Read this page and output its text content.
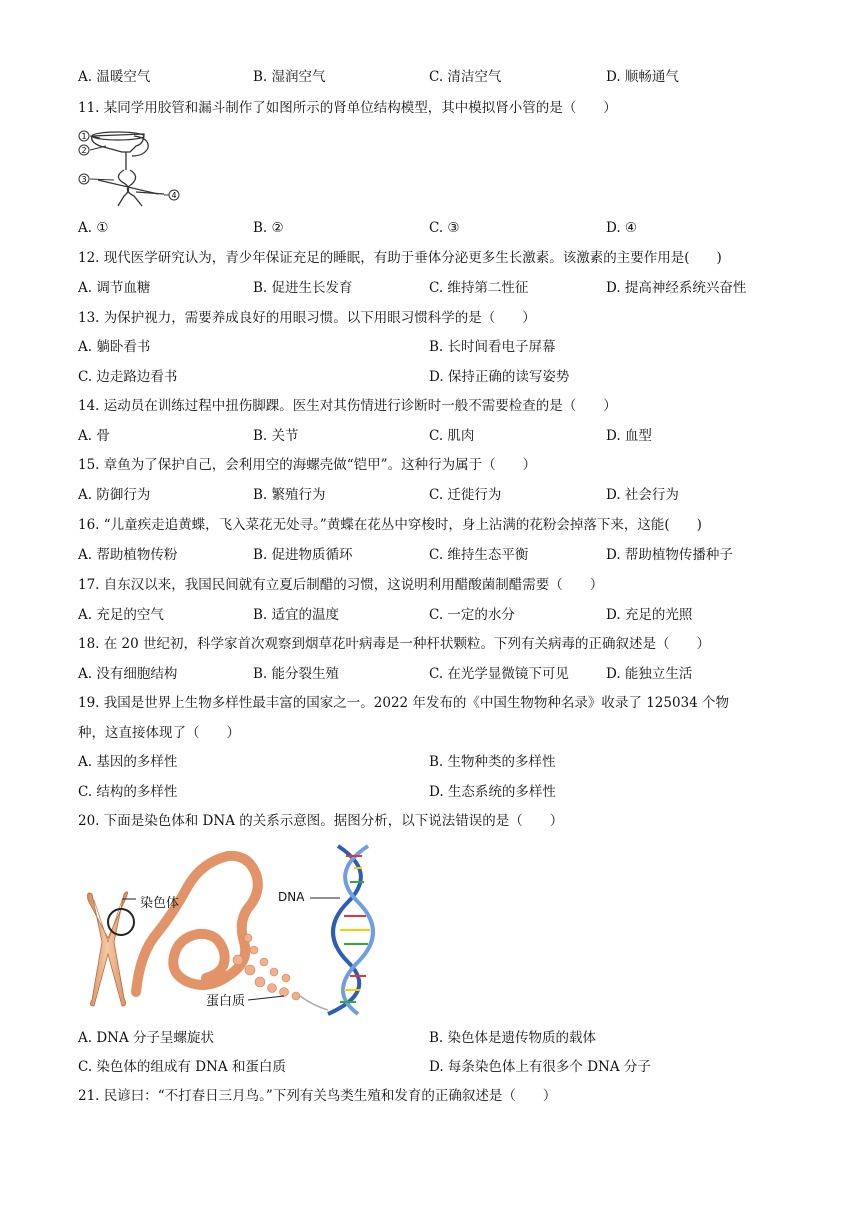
A. 温暖空气	B. 湿润空气	C. 清洁空气	D. 顺畅通气
11. 某同学用胶管和漏斗制作了如图所示的肾单位结构模型，其中模拟肾小管的是（　　）
1
2
3
4
A. ①	B. ②	C. ③	D. ④
12. 现代医学研究认为，青少年保证充足的睡眠，有助于垂体分泌更多生长激素。该激素的主要作用是(　　)
A. 调节血糖	B. 促进生长发育	C. 维持第二性征	D. 提高神经系统兴奋性
13. 为保护视力，需要养成良好的用眼习惯。以下用眼习惯科学的是（　　）
A. 躺卧看书	B. 长时间看电子屏幕
C. 边走路边看书	D. 保持正确的读写姿势
14. 运动员在训练过程中扭伤脚踝。医生对其伤情进行诊断时一般不需要检查的是（　　）
A. 骨	B. 关节	C. 肌肉	D. 血型
15. 章鱼为了保护自己，会利用空的海螺壳做“铠甲”。这种行为属于（　　）
A. 防御行为	B. 繁殖行为	C. 迁徙行为	D. 社会行为
16. “儿童疾走追黄蝶，飞入菜花无处寻。”黄蝶在花丛中穿梭时，身上沾满的花粉会掉落下来，这能(　　)
A. 帮助植物传粉	B. 促进物质循环	C. 维持生态平衡	D. 帮助植物传播种子
17. 自东汉以来，我国民间就有立夏后制醋的习惯，这说明利用醋酸菌制醋需要（　　）
A. 充足的空气	B. 适宜的温度	C. 一定的水分	D. 充足的光照
18. 在 20 世纪初，科学家首次观察到烟草花叶病毒是一种杆状颗粒。下列有关病毒的正确叙述是（　　）
A. 没有细胞结构	B. 能分裂生殖	C. 在光学显微镜下可见	D. 能独立生活
19. 我国是世界上生物多样性最丰富的国家之一。2022 年发布的《中国生物物种名录》收录了 125034 个物
种，这直接体现了（　　）
A. 基因的多样性	B. 生物种类的多样性
C. 结构的多样性	D. 生态系统的多样性
20. 下面是染色体和 DNA 的关系示意图。据图分析，以下说法错误的是（　　）
染色体	DNA
蛋白质
A. DNA 分子呈螺旋状	B. 染色体是遗传物质的载体
C. 染色体的组成有 DNA 和蛋白质	D. 每条染色体上有很多个 DNA 分子
21. 民谚曰：“不打春日三月鸟。”下列有关鸟类生殖和发育的正确叙述是（　　）
